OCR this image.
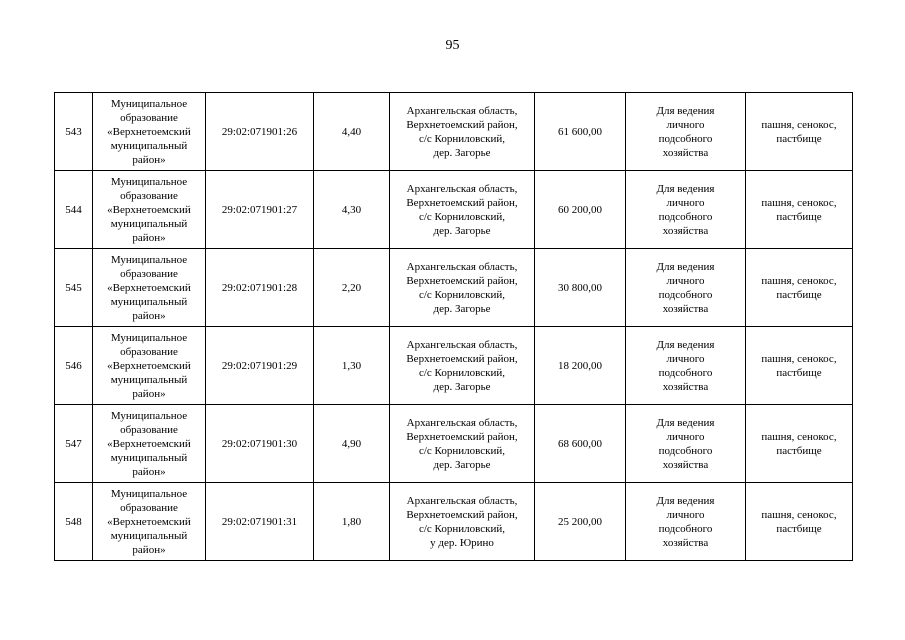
95
543	Муниципальное
образование
«Верхнетоемский
муниципальный
район»	29:02:071901:26	4,40	Архангельская область,
Верхнетоемский район,
с/с Корниловский,
дер. Загорье	61 600,00	Для ведения
личного
подсобного
хозяйства	пашня, сенокос,
пастбище

544	Муниципальное
образование
«Верхнетоемский
муниципальный
район»	29:02:071901:27	4,30	Архангельская область,
Верхнетоемский район,
с/с Корниловский,
дер. Загорье	60 200,00	Для ведения
личного
подсобного
хозяйства	пашня, сенокос,
пастбище

545	Муниципальное
образование
«Верхнетоемский
муниципальный
район»	29:02:071901:28	2,20	Архангельская область,
Верхнетоемский район,
с/с Корниловский,
дер. Загорье	30 800,00	Для ведения
личного
подсобного
хозяйства	пашня, сенокос,
пастбище

546	Муниципальное
образование
«Верхнетоемский
муниципальный
район»	29:02:071901:29	1,30	Архангельская область,
Верхнетоемский район,
с/с Корниловский,
дер. Загорье	18 200,00	Для ведения
личного
подсобного
хозяйства	пашня, сенокос,
пастбище

547	Муниципальное
образование
«Верхнетоемский
муниципальный
район»	29:02:071901:30	4,90	Архангельская область,
Верхнетоемский район,
с/с Корниловский,
дер. Загорье	68 600,00	Для ведения
личного
подсобного
хозяйства	пашня, сенокос,
пастбище

548	Муниципальное
образование
«Верхнетоемский
муниципальный
район»	29:02:071901:31	1,80	Архангельская область,
Верхнетоемский район,
с/с Корниловский,
у дер. Юрино	25 200,00	Для ведения
личного
подсобного
хозяйства	пашня, сенокос,
пастбище
